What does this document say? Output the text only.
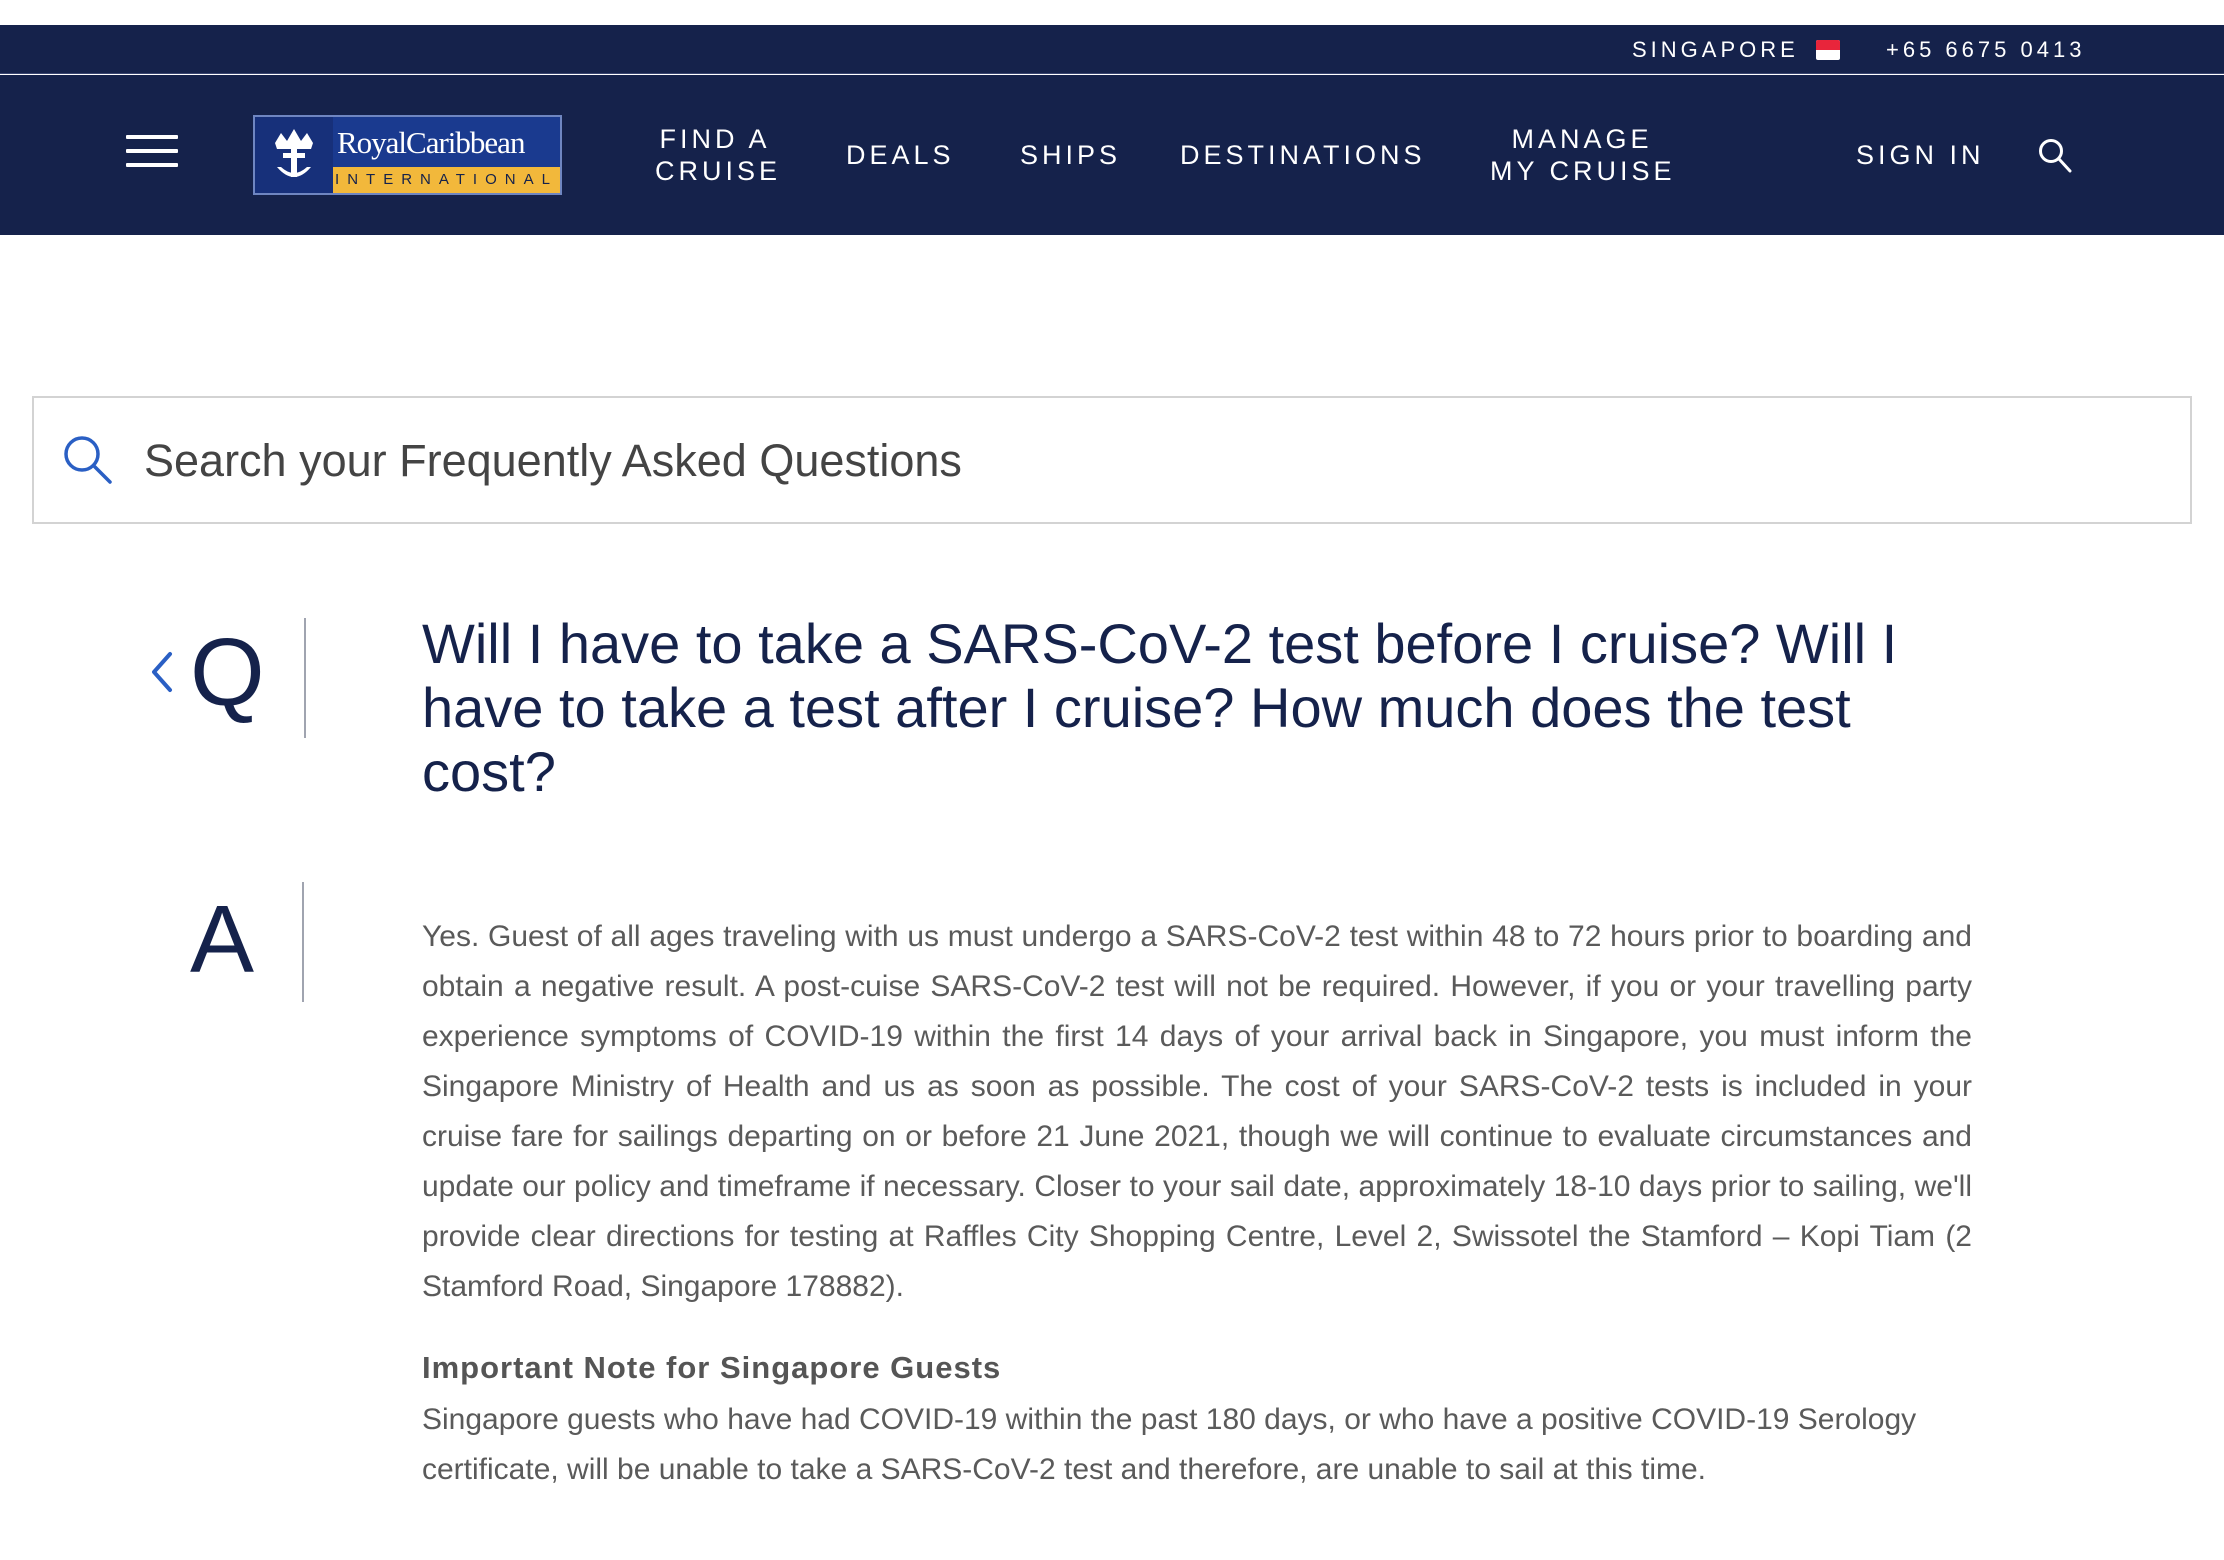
SINGAPORE	+65 6675 0413
RoyalCaribbean
INTERNATIONAL
FIND A
CRUISE
DEALS SHIPS DESTINATIONS
MANAGE
MY CRUISE
SIGN IN
Search your Frequently Asked Questions
Q	Will I have to take a SARS-CoV-2 test before I cruise? Will I have to take a test after I cruise? How much does the test cost?
A	Yes. Guest of all ages traveling with us must undergo a SARS-CoV-2 test within 48 to 72 hours prior to boarding and obtain a negative result. A post-cuise SARS-CoV-2 test will not be required. However, if you or your travelling party experience symptoms of COVID-19 within the first 14 days of your arrival back in Singapore, you must inform the Singapore Ministry of Health and us as soon as possible. The cost of your SARS-CoV-2 tests is included in your cruise fare for sailings departing on or before 21 June 2021, though we will continue to evaluate circumstances and update our policy and timeframe if necessary. Closer to your sail date, approximately 18-10 days prior to sailing, we'll provide clear directions for testing at Raffles City Shopping Centre, Level 2, Swissotel the Stamford – Kopi Tiam (2 Stamford Road, Singapore 178882).
Important Note for Singapore Guests
Singapore guests who have had COVID-19 within the past 180 days, or who have a positive COVID-19 Serology certificate, will be unable to take a SARS-CoV-2 test and therefore, are unable to sail at this time.
